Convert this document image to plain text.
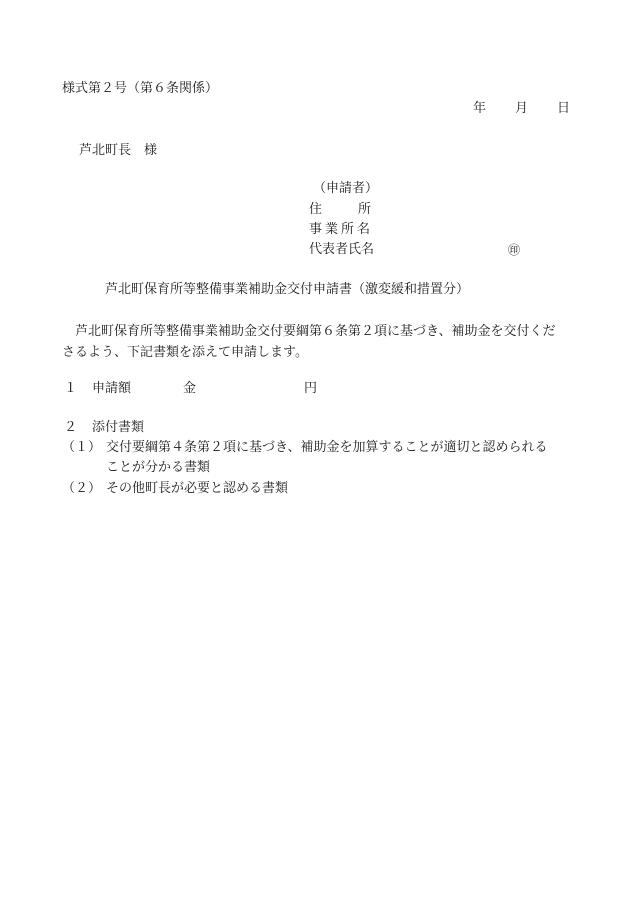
様式第２号（第６条関係）
年 月 日
芦北町長　様
（申請者）
住	所
事業所名
代表者氏名	㊞
芦北町保育所等整備事業補助金交付申請書（激変緩和措置分）
芦北町保育所等整備事業補助金交付要綱第６条第２項に基づき、補助金を交付くださるよう、下記書類を添えて申請します。
１ 申請額	金	円
２ 添付書類
（１） 交付要綱第４条第２項に基づき、補助金を加算することが適切と認められる
ことが分かる書類
（２） その他町長が必要と認める書類
